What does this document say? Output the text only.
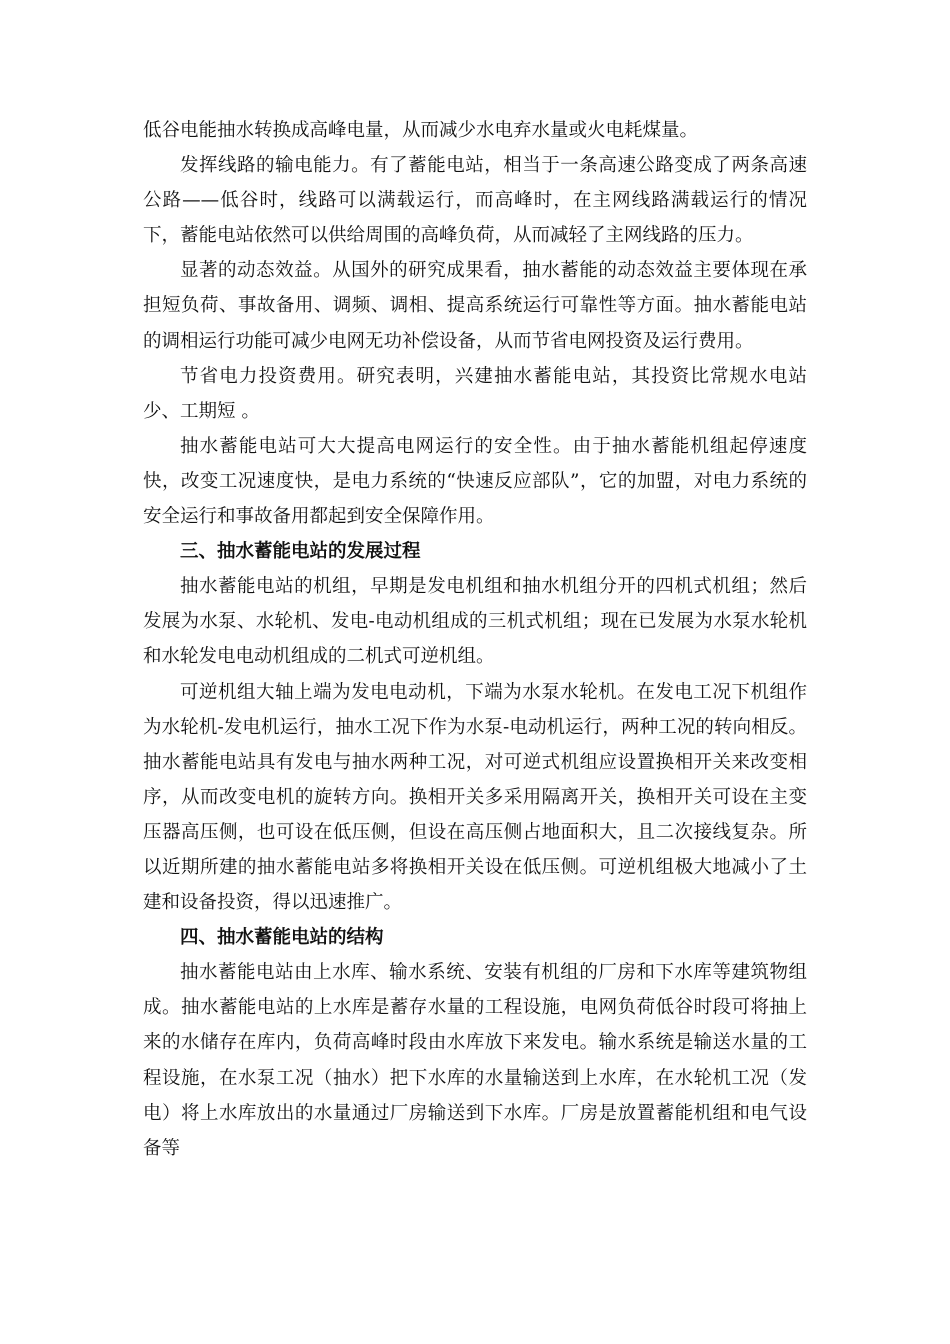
低谷电能抽水转换成高峰电量，从而减少水电弃水量或火电耗煤量。

发挥线路的输电能力。有了蓄能电站，相当于一条高速公路变成了两条高速公路——低谷时，线路可以满载运行，而高峰时，在主网线路满载运行的情况下，蓄能电站依然可以供给周围的高峰负荷，从而减轻了主网线路的压力。

显著的动态效益。从国外的研究成果看，抽水蓄能的动态效益主要体现在承担短负荷、事故备用、调频、调相、提高系统运行可靠性等方面。抽水蓄能电站的调相运行功能可减少电网无功补偿设备，从而节省电网投资及运行费用。

节省电力投资费用。研究表明，兴建抽水蓄能电站，其投资比常规水电站少、工期短 。

抽水蓄能电站可大大提高电网运行的安全性。由于抽水蓄能机组起停速度快，改变工况速度快，是电力系统的“快速反应部队”，它的加盟，对电力系统的安全运行和事故备用都起到安全保障作用。

三、抽水蓄能电站的发展过程

抽水蓄能电站的机组，早期是发电机组和抽水机组分开的四机式机组；然后发展为水泵、水轮机、发电-电动机组成的三机式机组；现在已发展为水泵水轮机和水轮发电电动机组成的二机式可逆机组。

可逆机组大轴上端为发电电动机，下端为水泵水轮机。在发电工况下机组作为水轮机-发电机运行，抽水工况下作为水泵-电动机运行，两种工况的转向相反。抽水蓄能电站具有发电与抽水两种工况，对可逆式机组应设置换相开关来改变相序，从而改变电机的旋转方向。换相开关多采用隔离开关，换相开关可设在主变压器高压侧，也可设在低压侧，但设在高压侧占地面积大，且二次接线复杂。所以近期所建的抽水蓄能电站多将换相开关设在低压侧。可逆机组极大地减小了土建和设备投资，得以迅速推广。

四、抽水蓄能电站的结构

抽水蓄能电站由上水库、输水系统、安装有机组的厂房和下水库等建筑物组成。抽水蓄能电站的上水库是蓄存水量的工程设施，电网负荷低谷时段可将抽上来的水储存在库内，负荷高峰时段由水库放下来发电。输水系统是输送水量的工程设施，在水泵工况（抽水）把下水库的水量输送到上水库，在水轮机工况（发电）将上水库放出的水量通过厂房输送到下水库。厂房是放置蓄能机组和电气设备等
